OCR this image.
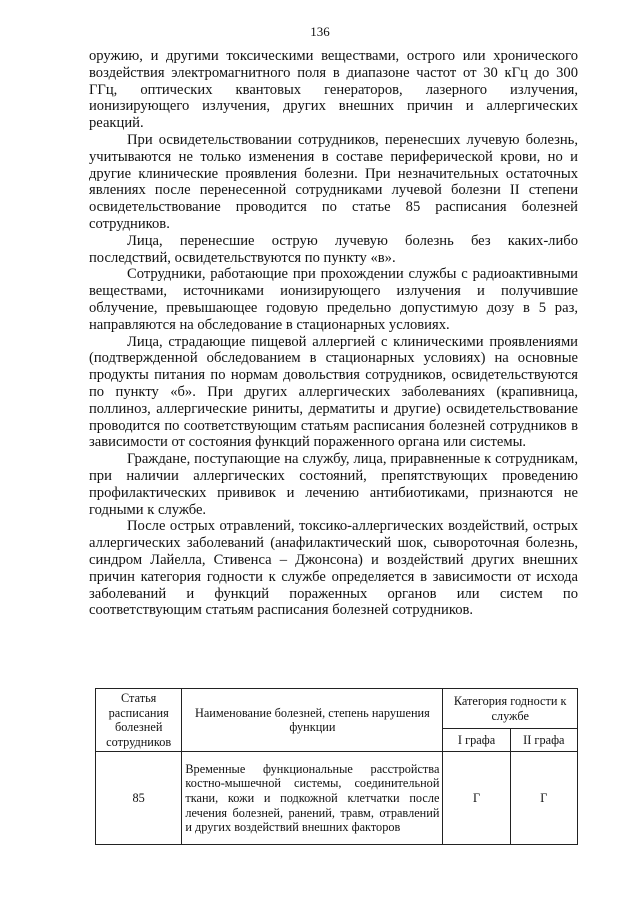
136

оружию, и другими токсическими веществами, острого или хронического воздействия электромагнитного поля в диапазоне частот от 30 кГц до 300 ГГц, оптических квантовых генераторов, лазерного излучения, ионизирующего излучения, других внешних причин и аллергических реакций.

При освидетельствовании сотрудников, перенесших лучевую болезнь, учитываются не только изменения в составе периферической крови, но и другие клинические проявления болезни. При незначительных остаточных явлениях после перенесенной сотрудниками лучевой болезни II степени освидетельствование проводится по статье 85 расписания болезней сотрудников.

Лица, перенесшие острую лучевую болезнь без каких-либо последствий, освидетельствуются по пункту «в».

Сотрудники, работающие при прохождении службы с радиоактивными веществами, источниками ионизирующего излучения и получившие облучение, превышающее годовую предельно допустимую дозу в 5 раз, направляются на обследование в стационарных условиях.

Лица, страдающие пищевой аллергией с клиническими проявлениями (подтвержденной обследованием в стационарных условиях) на основные продукты питания по нормам довольствия сотрудников, освидетельствуются по пункту «б». При других аллергических заболеваниях (крапивница, поллиноз, аллергические риниты, дерматиты и другие) освидетельствование проводится по соответствующим статьям расписания болезней сотрудников в зависимости от состояния функций пораженного органа или системы.

Граждане, поступающие на службу, лица, приравненные к сотрудникам, при наличии аллергических состояний, препятствующих проведению профилактических прививок и лечению антибиотиками, признаются не годными к службе.

После острых отравлений, токсико-аллергических воздействий, острых аллергических заболеваний (анафилактический шок, сывороточная болезнь, синдром Лайелла, Стивенса – Джонсона) и воздействий других внешних причин категория годности к службе определяется в зависимости от исхода заболеваний и функций пораженных органов или систем по соответствующим статьям расписания болезней сотрудников.

Статья расписания болезней сотрудников	Наименование болезней, степень нарушения функции	Категория годности к службе	
		I графа	II графа
85	Временные функциональные расстройства костно-мышечной системы, соединительной ткани, кожи и подкожной клетчатки после лечения болезней, ранений, травм, отравлений и других воздействий внешних факторов	Г	Г
